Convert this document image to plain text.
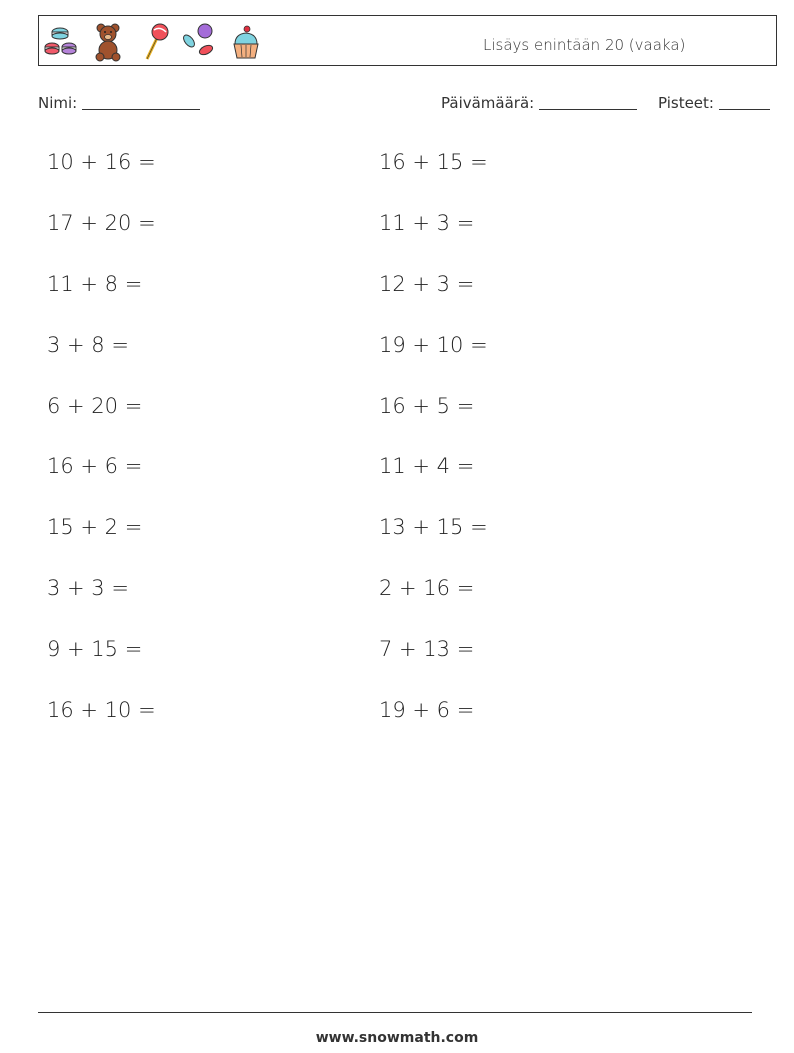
Lisäys enintään 20 (vaaka)
Nimi:	Päivämäärä:	Pisteet:
10 + 16 =
17 + 20 =
11 + 8 =
3 + 8 =
6 + 20 =
16 + 6 =
15 + 2 =
3 + 3 =
9 + 15 =
16 + 10 =
16 + 15 =
11 + 3 =
12 + 3 =
19 + 10 =
16 + 5 =
11 + 4 =
13 + 15 =
2 + 16 =
7 + 13 =
19 + 6 =
www.snowmath.com
